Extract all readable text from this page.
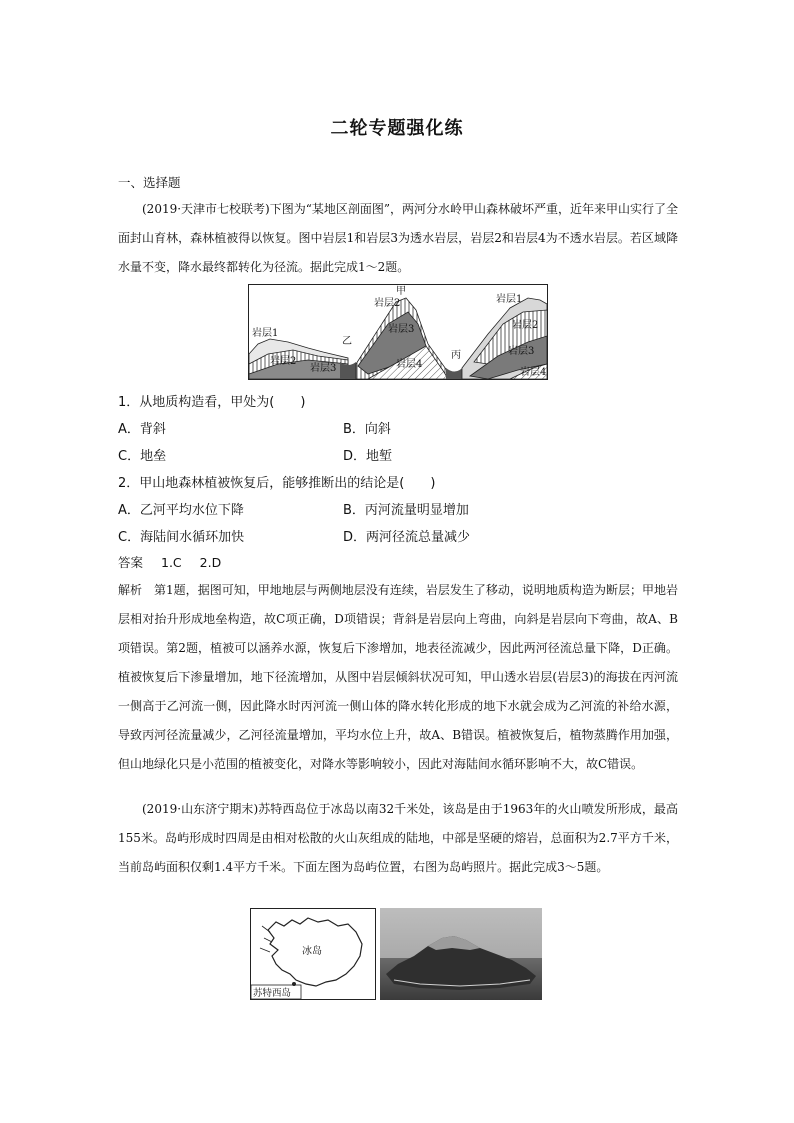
二轮专题强化练
一、选择题
(2019·天津市七校联考)下图为“某地区剖面图”，两河分水岭甲山森林破坏严重，近年来甲山实行了全面封山育林，森林植被得以恢复。图中岩层1和岩层3为透水岩层，岩层2和岩层4为不透水岩层。若区域降水量不变，降水最终都转化为径流。据此完成1～2题。
甲
乙
丙
岩层1
岩层2
岩层3
岩层2
岩层3
岩层4
岩层1
岩层2
岩层3
岩层4
1．从地质构造看，甲处为(　　)
A．背斜	B．向斜
C．地垒	D．地堑
2．甲山地森林植被恢复后，能够推断出的结论是(　　)
A．乙河平均水位下降	B．丙河流量明显增加
C．海陆间水循环加快	D．两河径流总量减少
答案 1.C 2.D
解析　第1题，据图可知，甲地地层与两侧地层没有连续，岩层发生了移动，说明地质构造为断层；甲地岩层相对抬升形成地垒构造，故C项正确，D项错误；背斜是岩层向上弯曲，向斜是岩层向下弯曲，故A、B项错误。第2题，植被可以涵养水源，恢复后下渗增加，地表径流减少，因此两河径流总量下降，D正确。植被恢复后下渗量增加，地下径流增加，从图中岩层倾斜状况可知，甲山透水岩层(岩层3)的海拔在丙河流一侧高于乙河流一侧，因此降水时丙河流一侧山体的降水转化形成的地下水就会成为乙河流的补给水源，导致丙河径流量减少，乙河径流量增加，平均水位上升，故A、B错误。植被恢复后，植物蒸腾作用加强，但山地绿化只是小范围的植被变化，对降水等影响较小，因此对海陆间水循环影响不大，故C错误。
(2019·山东济宁期末)苏特西岛位于冰岛以南32千米处，该岛是由于1963年的火山喷发所形成，最高155米。岛屿形成时四周是由相对松散的火山灰组成的陆地，中部是坚硬的熔岩，总面积为2.7平方千米，当前岛屿面积仅剩1.4平方千米。下面左图为岛屿位置，右图为岛屿照片。据此完成3～5题。
冰岛
苏特西岛
